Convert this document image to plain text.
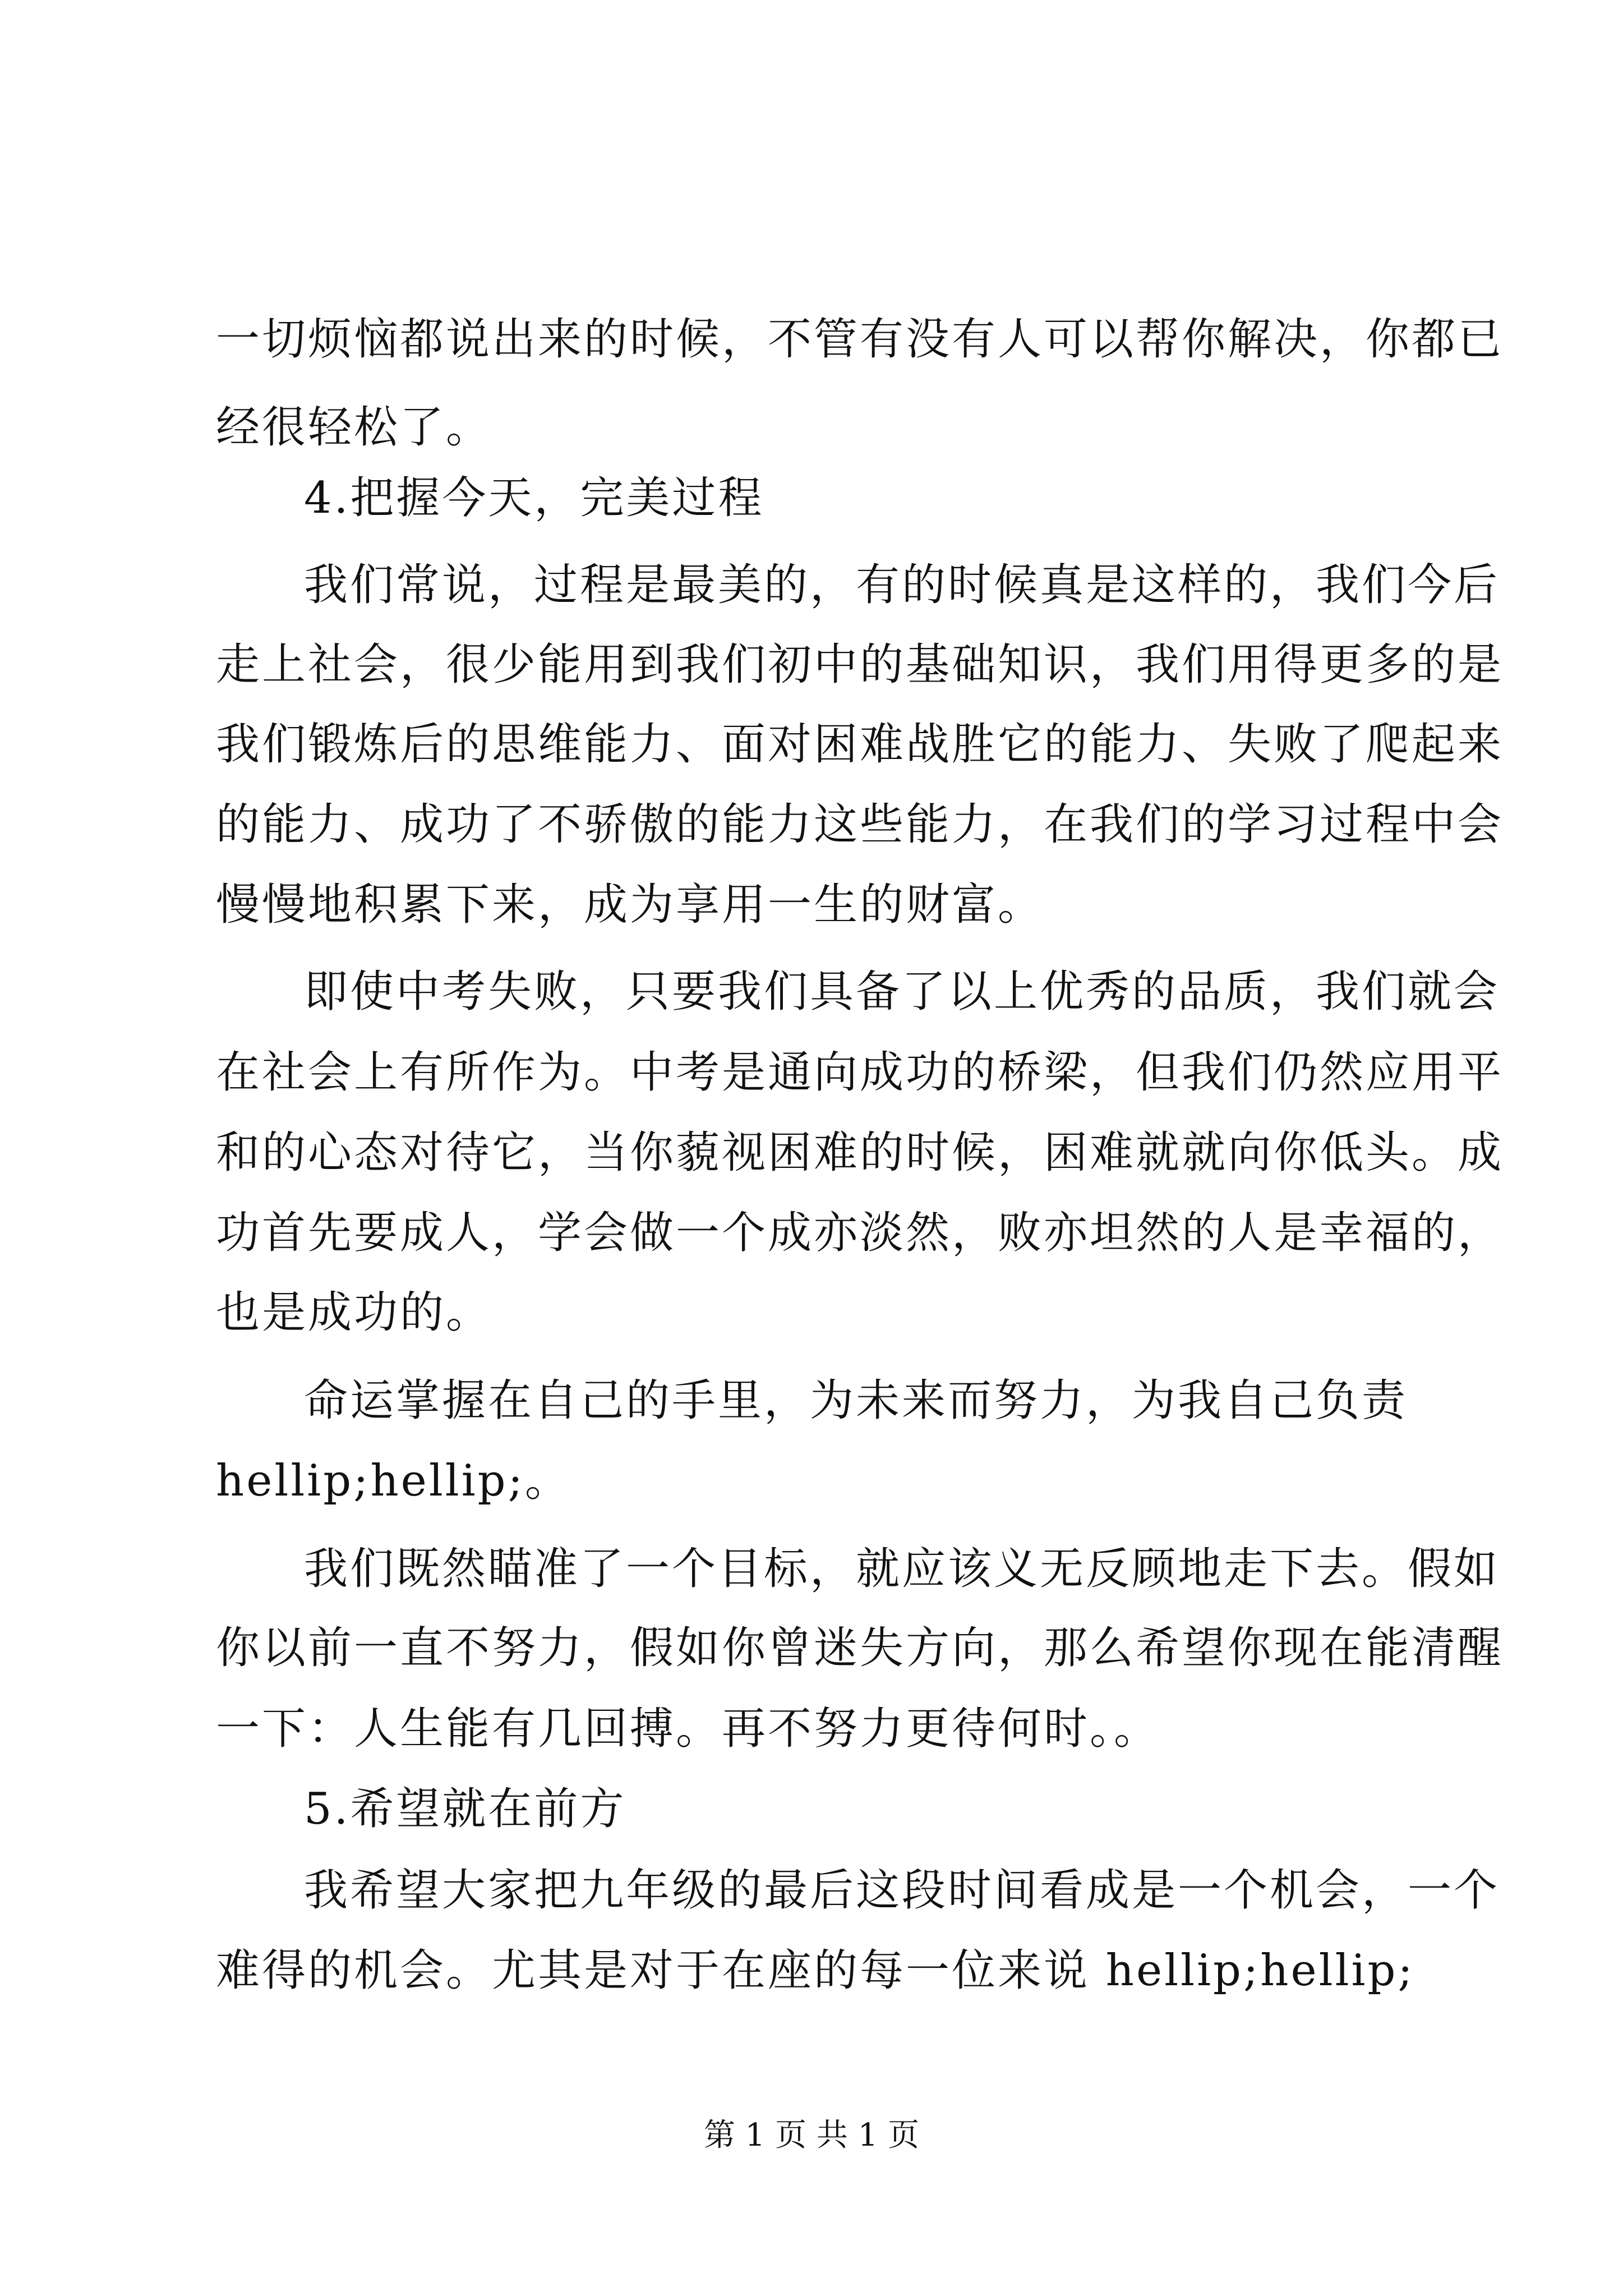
一切烦恼都说出来的时候，不管有没有人可以帮你解决，你都已
经很轻松了。
4.把握今天，完美过程
我们常说，过程是最美的，有的时候真是这样的，我们今后
走上社会，很少能用到我们初中的基础知识，我们用得更多的是
我们锻炼后的思维能力、面对困难战胜它的能力、失败了爬起来
的能力、成功了不骄傲的能力这些能力，在我们的学习过程中会
慢慢地积累下来，成为享用一生的财富。
即使中考失败，只要我们具备了以上优秀的品质，我们就会
在社会上有所作为。中考是通向成功的桥梁，但我们仍然应用平
和的心态对待它，当你藐视困难的时候，困难就就向你低头。成
功首先要成人，学会做一个成亦淡然，败亦坦然的人是幸福的，
也是成功的。
命运掌握在自己的手里，为未来而努力，为我自己负责
hellip;hellip;。
我们既然瞄准了一个目标，就应该义无反顾地走下去。假如
你以前一直不努力，假如你曾迷失方向，那么希望你现在能清醒
一下：人生能有几回搏。再不努力更待何时。。
5.希望就在前方
我希望大家把九年级的最后这段时间看成是一个机会，一个
难得的机会。尤其是对于在座的每一位来说 hellip;hellip;
第 1 页 共 1 页
